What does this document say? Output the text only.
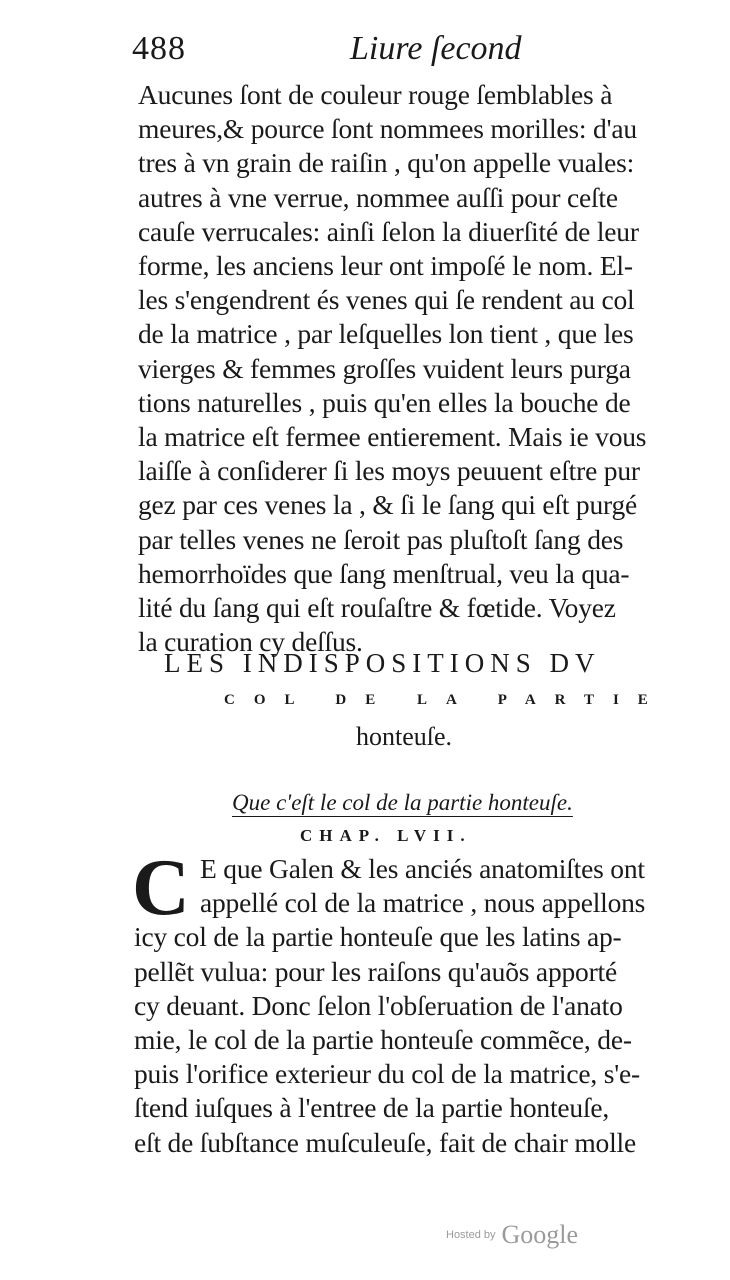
488	Liure ſecond
Aucunes ſont de couleur rouge ſemblables à
meures,& pource ſont nommees morilles: d'au
tres à vn grain de raiſin , qu'on appelle vuales:
autres à vne verrue, nommee auſſi pour ceſte
cauſe verrucales: ainſi ſelon la diuerſité de leur
forme, les anciens leur ont impoſé le nom. El-
les s'engendrent és venes qui ſe rendent au col
de la matrice , par leſquelles lon tient , que les
vierges & femmes groſſes vuident leurs purga
tions naturelles , puis qu'en elles la bouche de
la matrice eſt fermee entierement. Mais ie vous
laiſſe à conſiderer ſi les moys peuuent eſtre pur
gez par ces venes la , & ſi le ſang qui eſt purgé
par telles venes ne ſeroit pas pluſtoſt ſang des
hemorrhoïdes que ſang menſtrual, veu la qua-
lité du ſang qui eſt rouſaſtre & fœtide. Voyez
la curation cy deſſus.
LES INDISPOSITIONS DV
COL DE LA PARTIE
honteuſe.
Que c'eſt le col de la partie honteuſe.
CHAP. LVII.
C E que Galen & les anciés anatomiſtes ont
appellé col de la matrice , nous appellons
icy col de la partie honteuſe que les latins ap-
pellẽt vulua: pour les raiſons qu'auõs apporté
cy deuant. Donc ſelon l'obſeruation de l'anato
mie, le col de la partie honteuſe commẽce, de-
puis l'orifice exterieur du col de la matrice, s'e-
ſtend iuſques à l'entree de la partie honteuſe,
eſt de ſubſtance muſculeuſe, fait de chair molle
Hosted by Google
